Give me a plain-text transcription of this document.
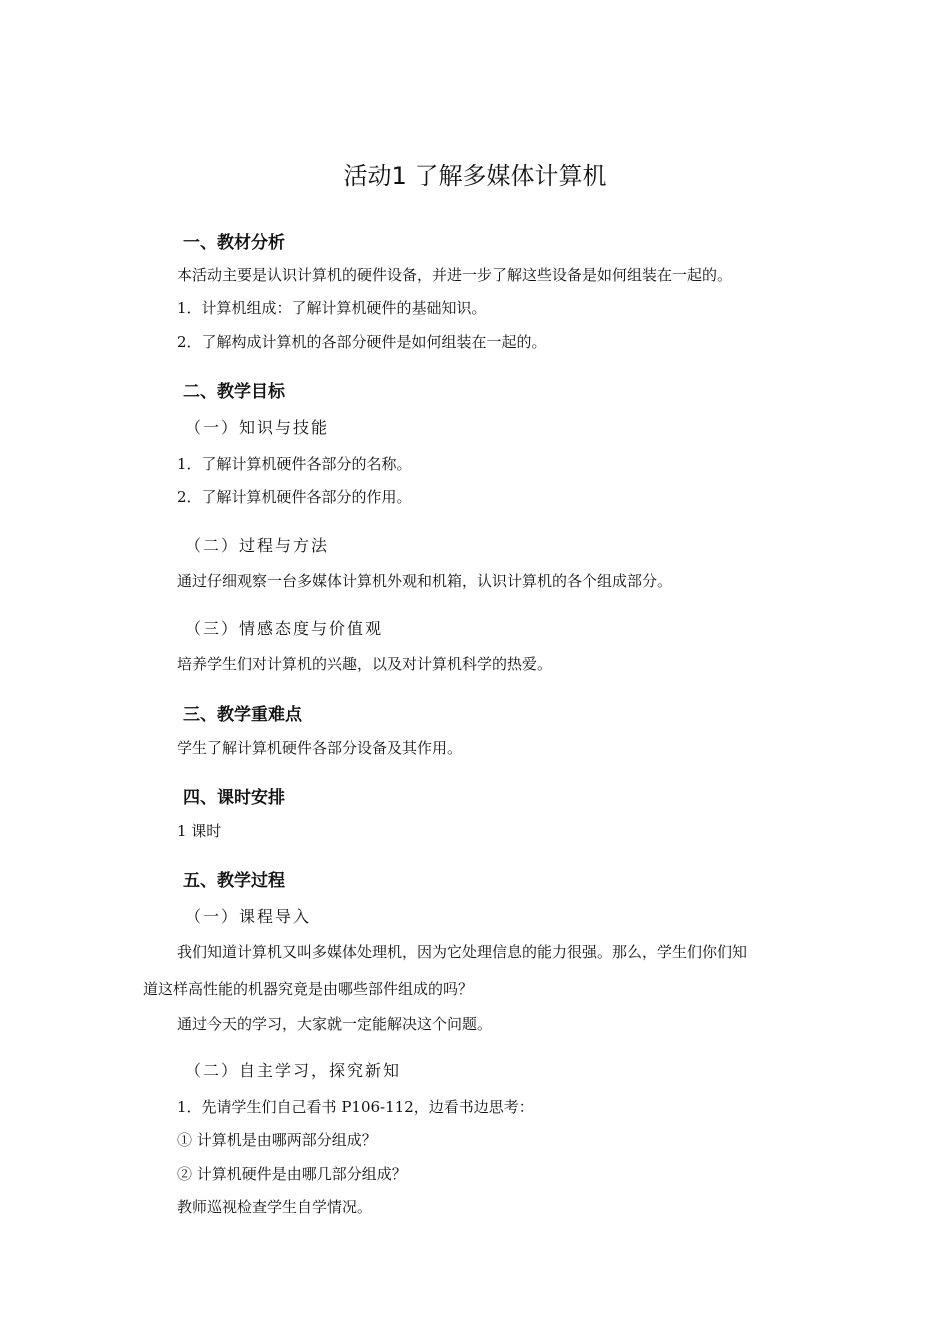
活动1 了解多媒体计算机
一、教材分析
本活动主要是认识计算机的硬件设备，并进一步了解这些设备是如何组装在一起的。
1．计算机组成：了解计算机硬件的基础知识。
2．了解构成计算机的各部分硬件是如何组装在一起的。
二、教学目标
（一）知识与技能
1．了解计算机硬件各部分的名称。
2．了解计算机硬件各部分的作用。
（二）过程与方法
通过仔细观察一台多媒体计算机外观和机箱，认识计算机的各个组成部分。
（三）情感态度与价值观
培养学生们对计算机的兴趣，以及对计算机科学的热爱。
三、教学重难点
学生了解计算机硬件各部分设备及其作用。
四、课时安排
1 课时
五、教学过程
（一）课程导入
我们知道计算机又叫多媒体处理机，因为它处理信息的能力很强。那么，学生们你们知
道这样高性能的机器究竟是由哪些部件组成的吗？
通过今天的学习，大家就一定能解决这个问题。
（二）自主学习，探究新知
1．先请学生们自己看书 P106-112，边看书边思考：
① 计算机是由哪两部分组成？
② 计算机硬件是由哪几部分组成？
教师巡视检查学生自学情况。
